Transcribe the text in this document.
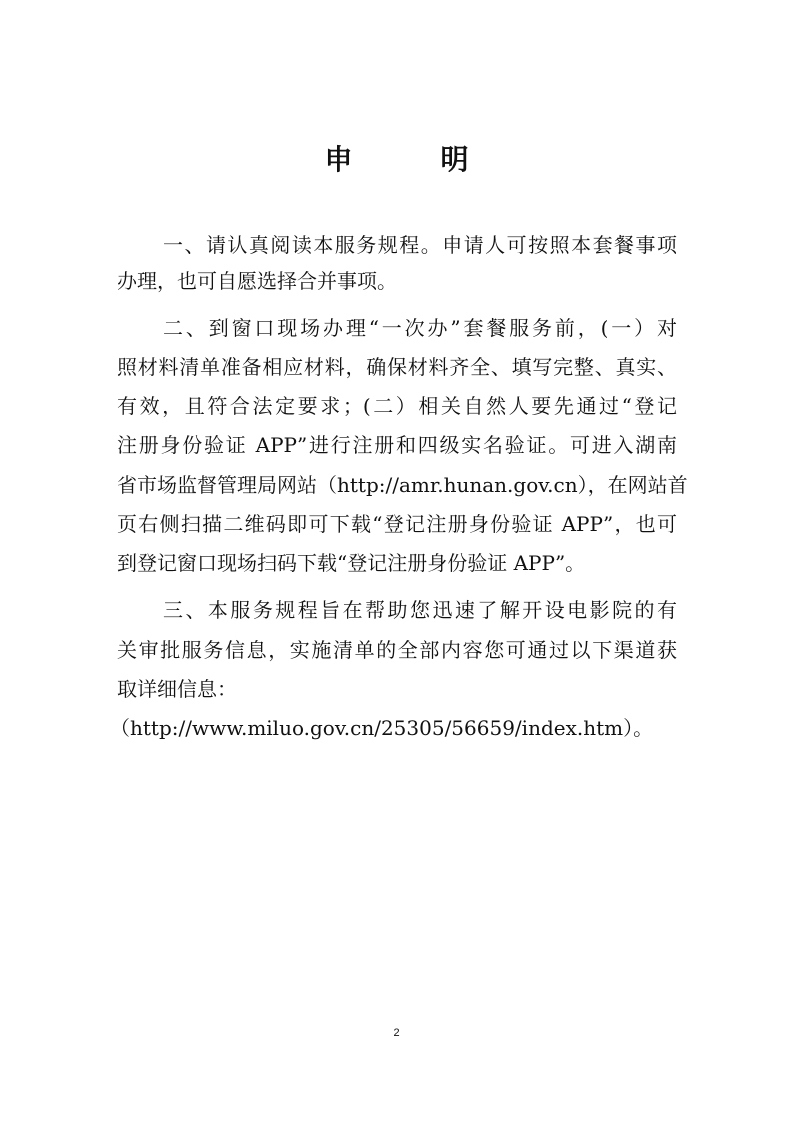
申　明
一、请认真阅读本服务规程。申请人可按照本套餐事项
办理，也可自愿选择合并事项。
二、到窗口现场办理“一次办”套餐服务前，(一）对
照材料清单准备相应材料，确保材料齐全、填写完整、真实、
有效，且符合法定要求；(二）相关自然人要先通过“登记
注册身份验证 APP”进行注册和四级实名验证。可进入湖南
省市场监督管理局网站（http://amr.hunan.gov.cn），在网站首
页右侧扫描二维码即可下载“登记注册身份验证 APP”，也可
到登记窗口现场扫码下载“登记注册身份验证 APP”。
三、本服务规程旨在帮助您迅速了解开设电影院的有
关审批服务信息，实施清单的全部内容您可通过以下渠道获
取详细信息：
（http://www.miluo.gov.cn/25305/56659/index.htm）。
2
